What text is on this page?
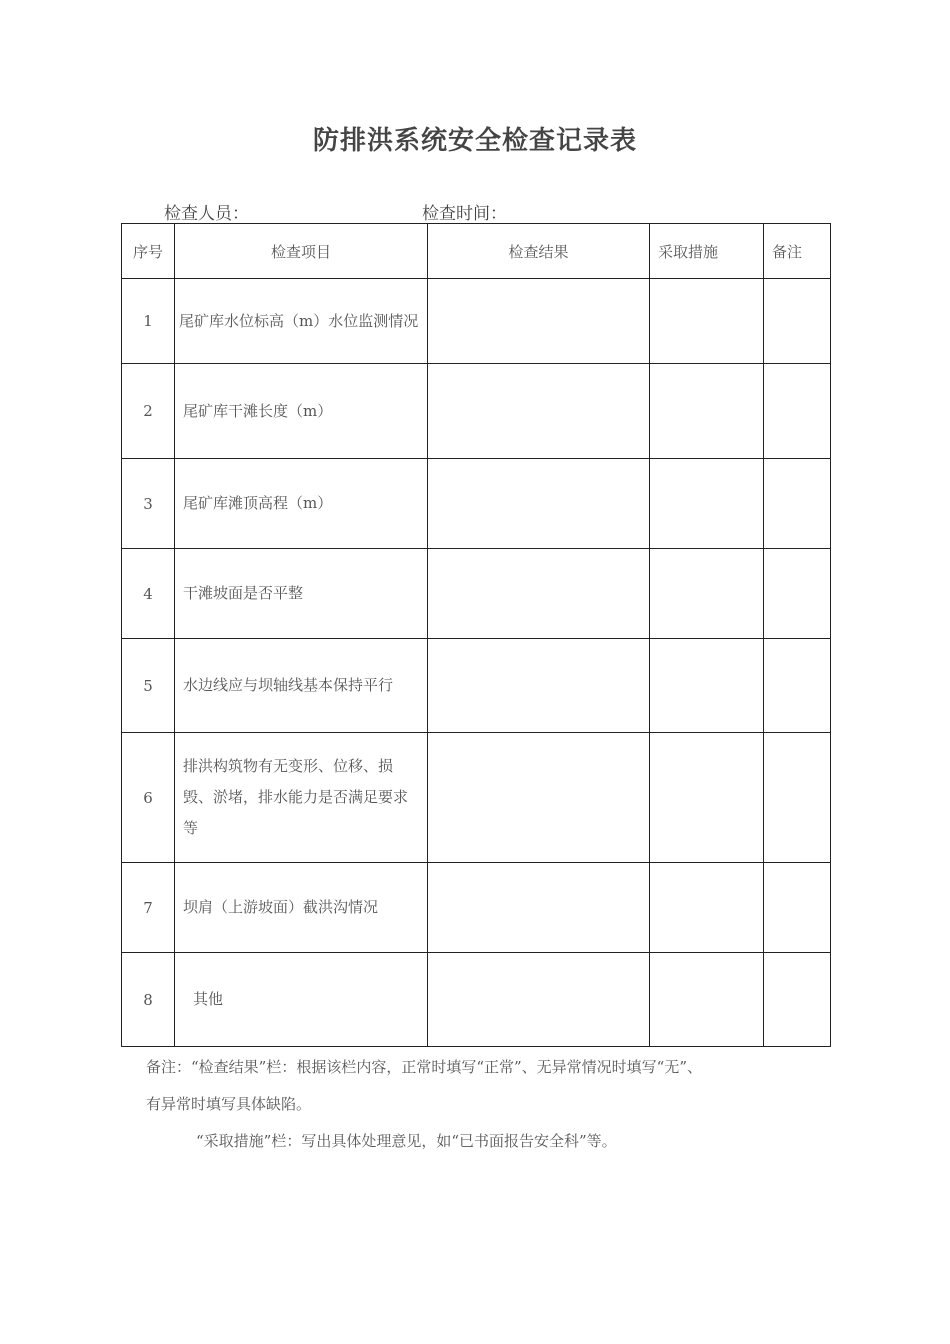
防排洪系统安全检查记录表
检查人员：	检查时间：
序号	检查项目	检查结果	采取措施	备注
1	尾矿库水位标高（m）水位监测情况			
2	尾矿库干滩长度（m）			
3	尾矿库滩顶高程（m）			
4	干滩坡面是否平整			
5	水边线应与坝轴线基本保持平行			
6	排洪构筑物有无变形、位移、损毁、淤堵，排水能力是否满足要求等			
7	坝肩（上游坡面）截洪沟情况			
8	其他			
备注：“检查结果”栏：根据该栏内容，正常时填写“正常”、无异常情况时填写“无”、
有异常时填写具体缺陷。
“采取措施”栏：写出具体处理意见，如“已书面报告安全科”等。
